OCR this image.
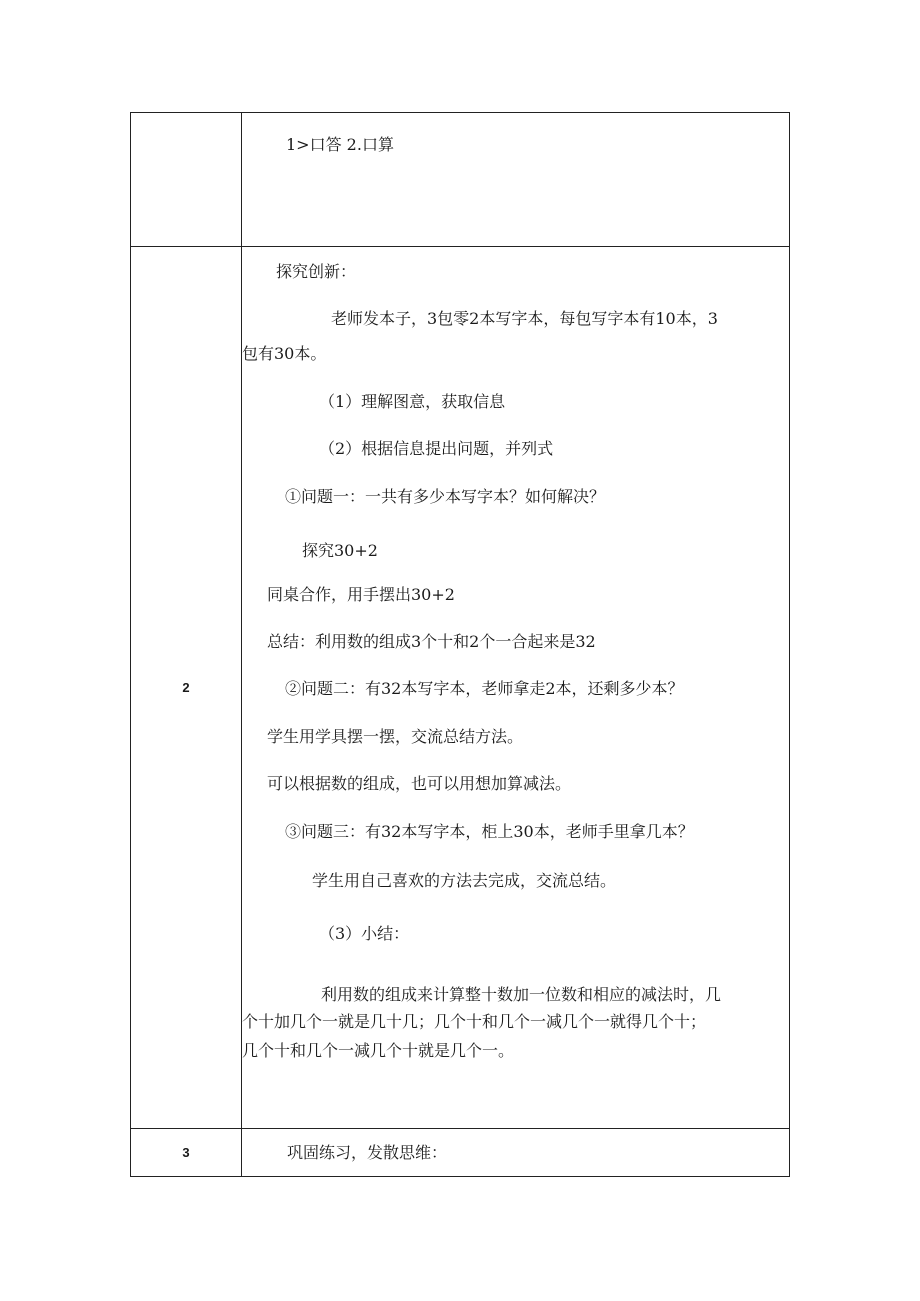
1>口答 2.口算
2
探究创新：
老师发本子，3包零2本写字本，每包写字本有10本，3
包有30本。
（1）理解图意，获取信息
（2）根据信息提出问题，并列式
①问题一：一共有多少本写字本？如何解决？
探究30+2
同桌合作，用手摆出30+2
总结：利用数的组成3个十和2个一合起来是32
②问题二：有32本写字本，老师拿走2本，还剩多少本？
学生用学具摆一摆，交流总结方法。
可以根据数的组成，也可以用想加算减法。
③问题三：有32本写字本，柜上30本，老师手里拿几本？
学生用自己喜欢的方法去完成，交流总结。
（3）小结：
利用数的组成来计算整十数加一位数和相应的减法时，几
个十加几个一就是几十几；几个十和几个一减几个一就得几个十；
几个十和几个一减几个十就是几个一。
3	巩固练习，发散思维：
